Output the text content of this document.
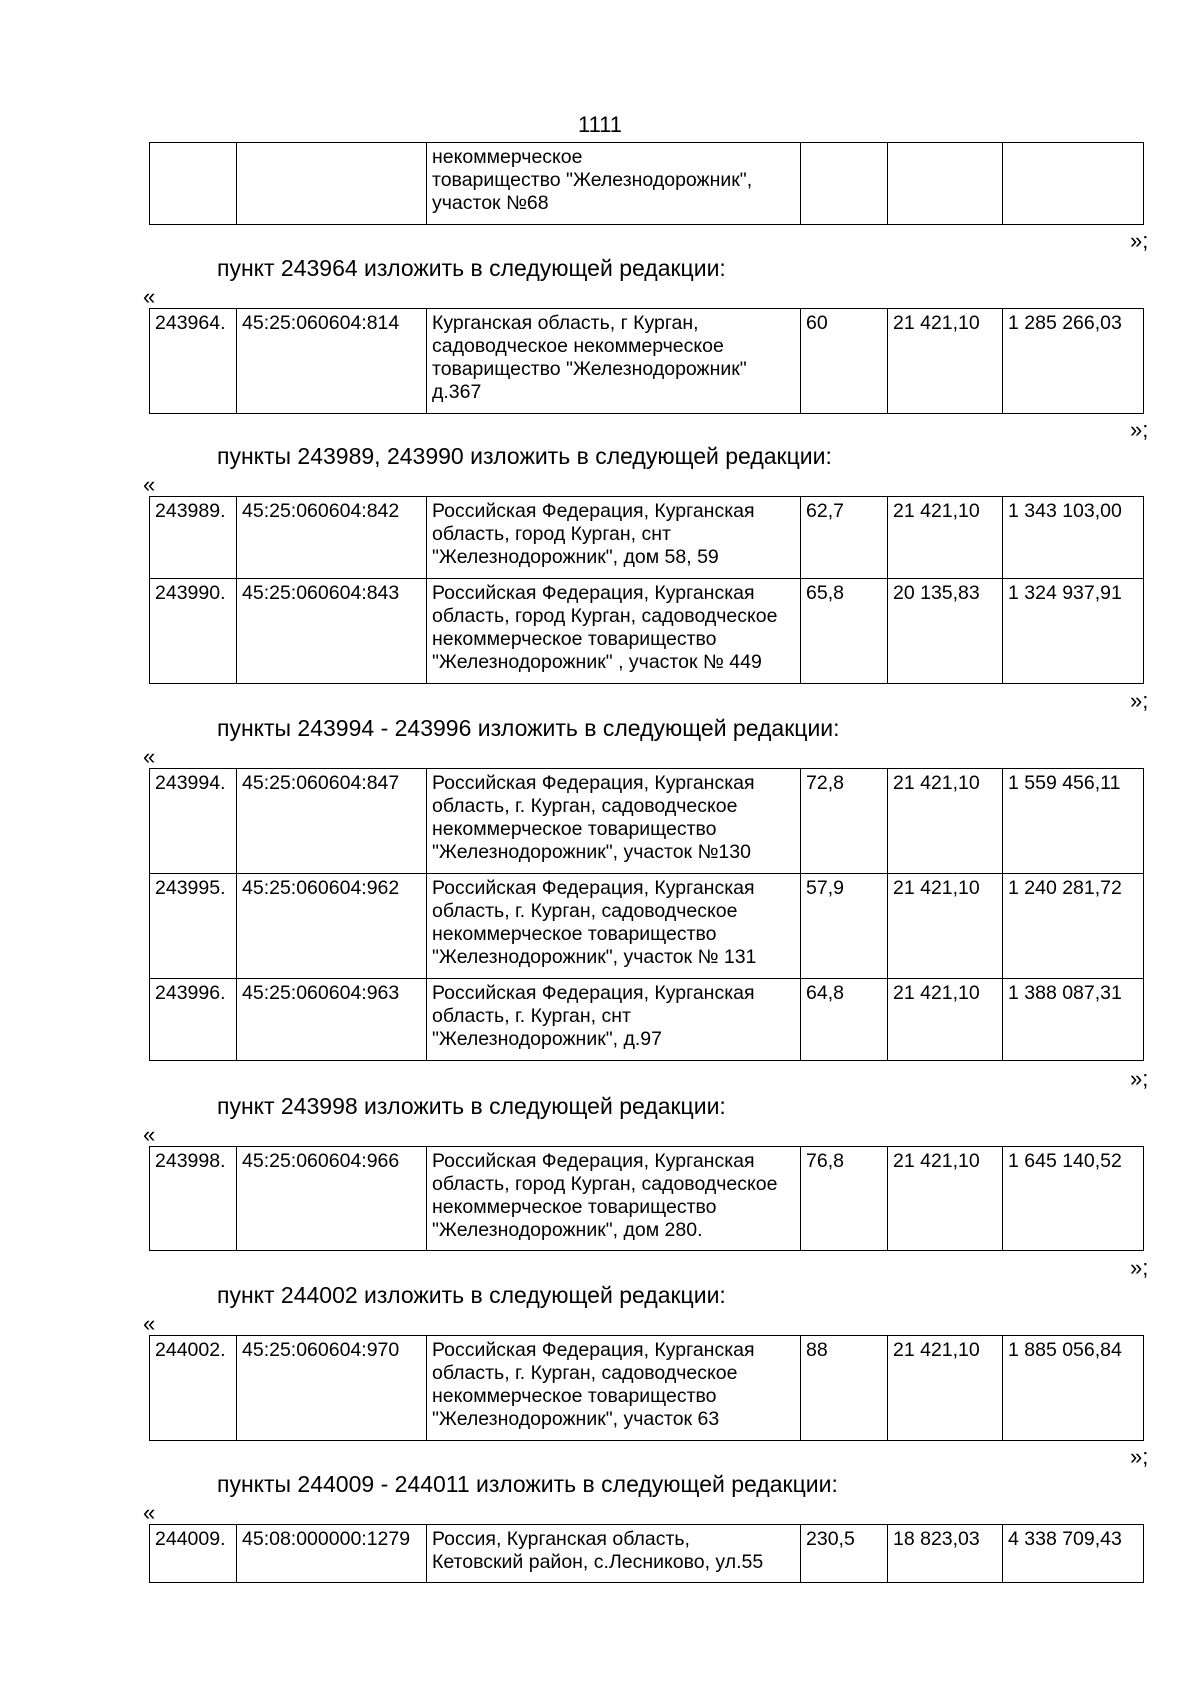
1111

некоммерческое
товарищество "Железнодорожник",
участок №68

»;
пункт 243964 изложить в следующей редакции:
«
243964.	45:25:060604:814	Курганская область, г Курган,
садоводческое некоммерческое
товарищество "Железнодорожник"
д.367
	60	21 421,10	1 285 266,03
»;
пункты 243989, 243990 изложить в следующей редакции:
«
243989.	45:25:060604:842	Российская Федерация, Курганская
область, город Курган, снт
"Железнодорожник", дом 58, 59	62,7	21 421,10	1 343 103,00
243990.	45:25:060604:843	Российская Федерация, Курганская
область, город Курган, садоводческое
некоммерческое товарищество
"Железнодорожник" , участок № 449	65,8	20 135,83	1 324 937,91
»;
пункты 243994 - 243996 изложить в следующей редакции:
«
243994.	45:25:060604:847	Российская Федерация, Курганская
область, г. Курган, садоводческое
некоммерческое товарищество
"Железнодорожник", участок №130	72,8	21 421,10	1 559 456,11
243995.	45:25:060604:962	Российская Федерация, Курганская
область, г. Курган, садоводческое
некоммерческое товарищество
"Железнодорожник", участок № 131	57,9	21 421,10	1 240 281,72
243996.	45:25:060604:963	Российская Федерация, Курганская
область, г. Курган, снт
"Железнодорожник", д.97	64,8	21 421,10	1 388 087,31
»;
пункт 243998 изложить в следующей редакции:
«
243998.	45:25:060604:966	Российская Федерация, Курганская
область, город Курган, садоводческое
некоммерческое товарищество
"Железнодорожник", дом 280.
	76,8	21 421,10	1 645 140,52
»;
пункт 244002 изложить в следующей редакции:
«
244002.	45:25:060604:970	Российская Федерация, Курганская
область, г. Курган, садоводческое
некоммерческое товарищество
"Железнодорожник", участок 63
	88	21 421,10	1 885 056,84
»;
пункты 244009 - 244011 изложить в следующей редакции:
«
244009.	45:08:000000:1279	Россия, Курганская область,
Кетовский район, с.Лесниково, ул.55
	230,5	18 823,03	4 338 709,43
